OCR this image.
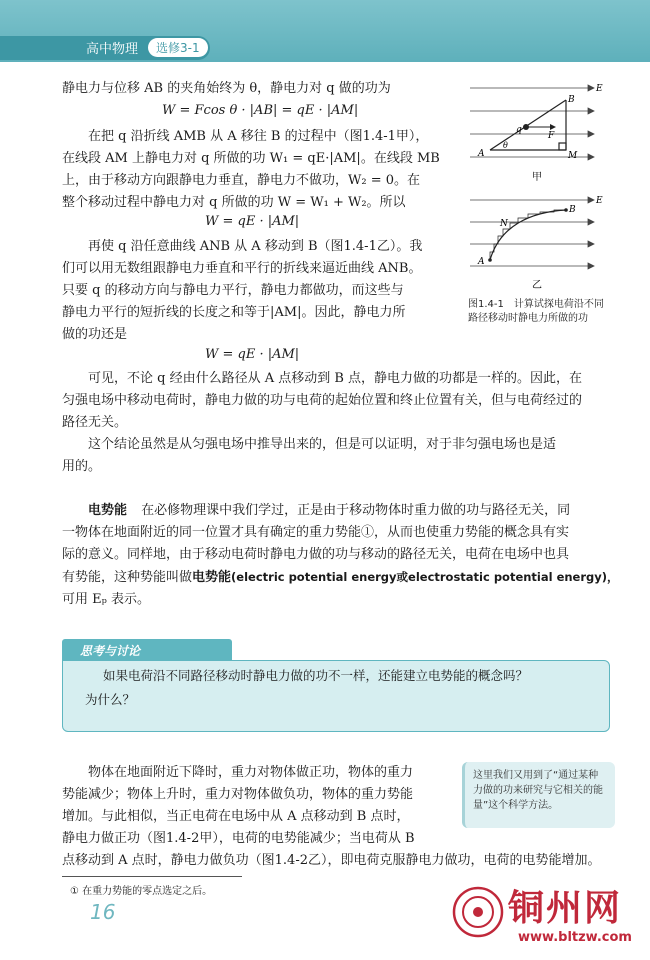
高中物理	选修3-1
静电力与位移 AB 的夹角始终为 θ，静电力对 q 做的功为
W = Fcos θ · |AB| = qE · |AM|
在把 q 沿折线 AMB 从 A 移往 B 的过程中（图1.4-1甲），
在线段 AM 上静电力对 q 所做的功 W₁ = qE·|AM|。在线段 MB
上，由于移动方向跟静电力垂直，静电力不做功，W₂ = 0。在
整个移动过程中静电力对 q 所做的功 W = W₁ + W₂。所以
W = qE · |AM|
再使 q 沿任意曲线 ANB 从 A 移动到 B（图1.4-1乙）。我
们可以用无数组跟静电力垂直和平行的折线来逼近曲线 ANB。
只要 q 的移动方向与静电力平行，静电力都做功，而这些与
静电力平行的短折线的长度之和等于|AM|。因此，静电力所
做的功还是
W = qE · |AM|
E
B
q
F
A
θ
M
甲
E
B
N
A
乙
图1.4-1　计算试探电荷沿不同
路径移动时静电力所做的功
可见，不论 q 经由什么路径从 A 点移动到 B 点，静电力做的功都是一样的。因此，在
匀强电场中移动电荷时，静电力做的功与电荷的起始位置和终止位置有关，但与电荷经过的
路径无关。
这个结论虽然是从匀强电场中推导出来的，但是可以证明，对于非匀强电场也是适
用的。
电势能 在必修物理课中我们学过，正是由于移动物体时重力做的功与路径无关，同
一物体在地面附近的同一位置才具有确定的重力势能①，从而也使重力势能的概念具有实
际的意义。同样地，由于移动电荷时静电力做的功与移动的路径无关，电荷在电场中也具
有势能，这种势能叫做电势能(electric potential energy或electrostatic potential energy)，
可用 Eₚ 表示。
思考与讨论
如果电荷沿不同路径移动时静电力做的功不一样，还能建立电势能的概念吗？
为什么？
物体在地面附近下降时，重力对物体做正功，物体的重力
势能减少；物体上升时，重力对物体做负功，物体的重力势能
增加。与此相似，当正电荷在电场中从 A 点移动到 B 点时，
静电力做正功（图1.4-2甲），电荷的电势能减少；当电荷从 B
点移动到 A 点时，静电力做负功（图1.4-2乙），即电荷克服静电力做功，电荷的电势能增加。
这里我们又用到了“通过某种力做的功来研究与它相关的能量”这个科学方法。
① 在重力势能的零点选定之后。
16	铜州网
www.bltzw.com
